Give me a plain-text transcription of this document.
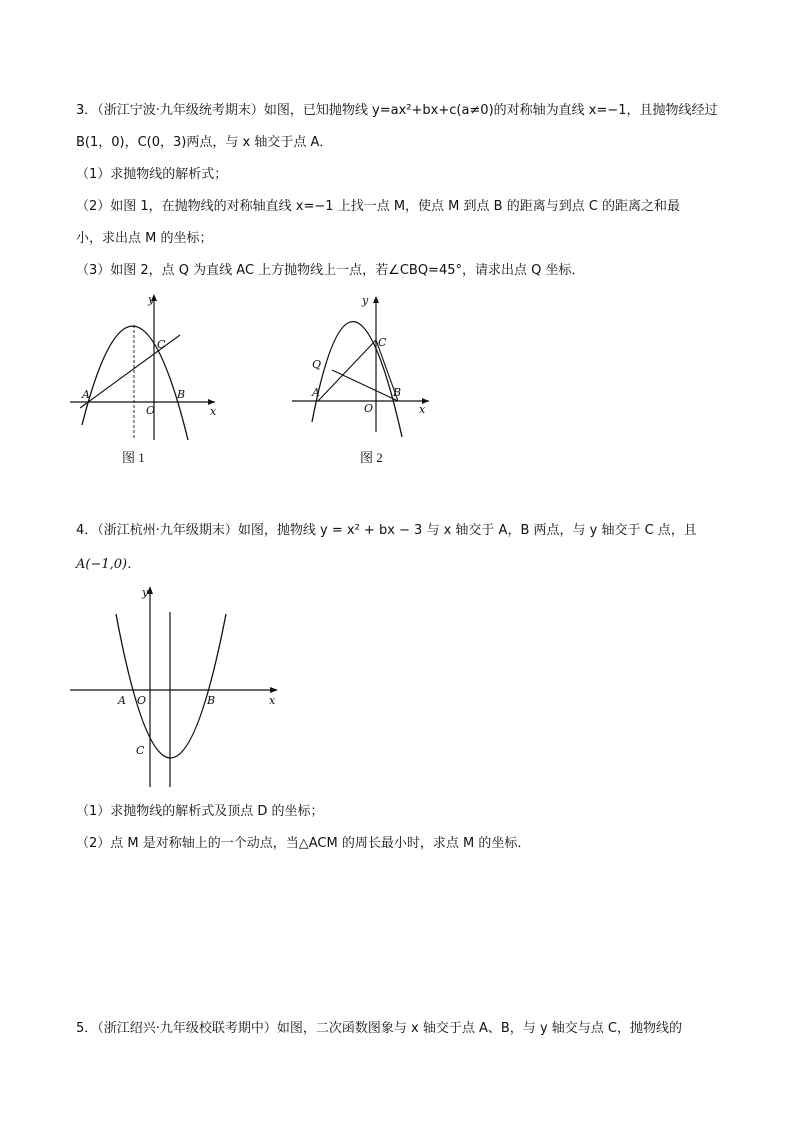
3．（浙江宁波·九年级统考期末）如图，已知抛物线 y=ax²+bx+c(a≠0)的对称轴为直线 x=−1，且抛物线经过
B(1，0)，C(0，3)两点，与 x 轴交于点 A．
（1）求抛物线的解析式；
（2）如图 1，在抛物线的对称轴直线 x=−1 上找一点 M，使点 M 到点 B 的距离与到点 C 的距离之和最
小，求出点 M 的坐标；
（3）如图 2，点 Q 为直线 AC 上方抛物线上一点，若∠CBQ=45°，请求出点 Q 坐标．
y
x
A	B
C
O
图 1
y
x
Q
A	B
C
O
图 2
4．（浙江杭州·九年级期末）如图，抛物线 y = x² + bx − 3 与 x 轴交于 A，B 两点，与 y 轴交于 C 点，且
A(−1,0)．
y
x
A O	B
C
（1）求抛物线的解析式及顶点 D 的坐标；
（2）点 M 是对称轴上的一个动点，当△ACM 的周长最小时，求点 M 的坐标．
5．（浙江绍兴·九年级校联考期中）如图，二次函数图象与 x 轴交于点 A、B，与 y 轴交与点 C，抛物线的
